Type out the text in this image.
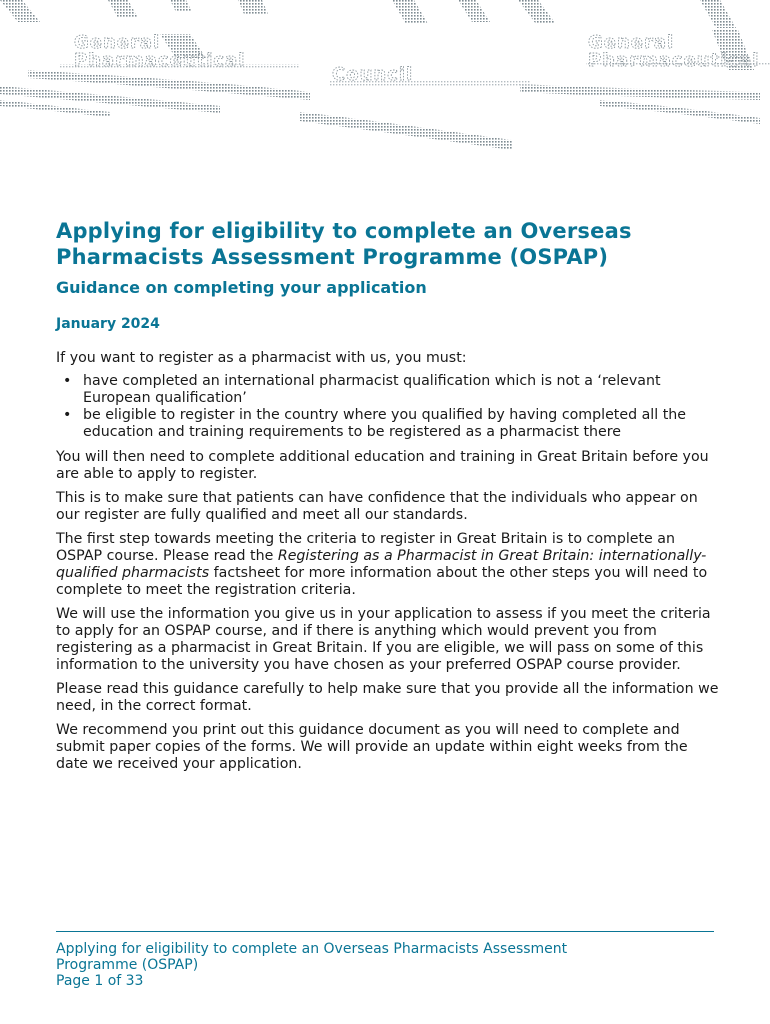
General
Pharmaceutical
Council
General
Pharmaceutical
Applying for eligibility to complete an Overseas Pharmacists Assessment Programme (OSPAP)
Guidance on completing your application
January 2024

If you want to register as a pharmacist with us, you must:

• have completed an international pharmacist qualification which is not a ‘relevant European qualification’
• be eligible to register in the country where you qualified by having completed all the education and training requirements to be registered as a pharmacist there

You will then need to complete additional education and training in Great Britain before you are able to apply to register.

This is to make sure that patients can have confidence that the individuals who appear on our register are fully qualified and meet all our standards.

The first step towards meeting the criteria to register in Great Britain is to complete an OSPAP course. Please read the Registering as a Pharmacist in Great Britain: internationally- qualified pharmacists factsheet for more information about the other steps you will need to complete to meet the registration criteria.

We will use the information you give us in your application to assess if you meet the criteria to apply for an OSPAP course, and if there is anything which would prevent you from registering as a pharmacist in Great Britain. If you are eligible, we will pass on some of this information to the university you have chosen as your preferred OSPAP course provider.

Please read this guidance carefully to help make sure that you provide all the information we need, in the correct format.

We recommend you print out this guidance document as you will need to complete and submit paper copies of the forms. We will provide an update within eight weeks from the date we received your application.

Applying for eligibility to complete an Overseas Pharmacists Assessment
Programme (OSPAP)
Page 1 of 33
